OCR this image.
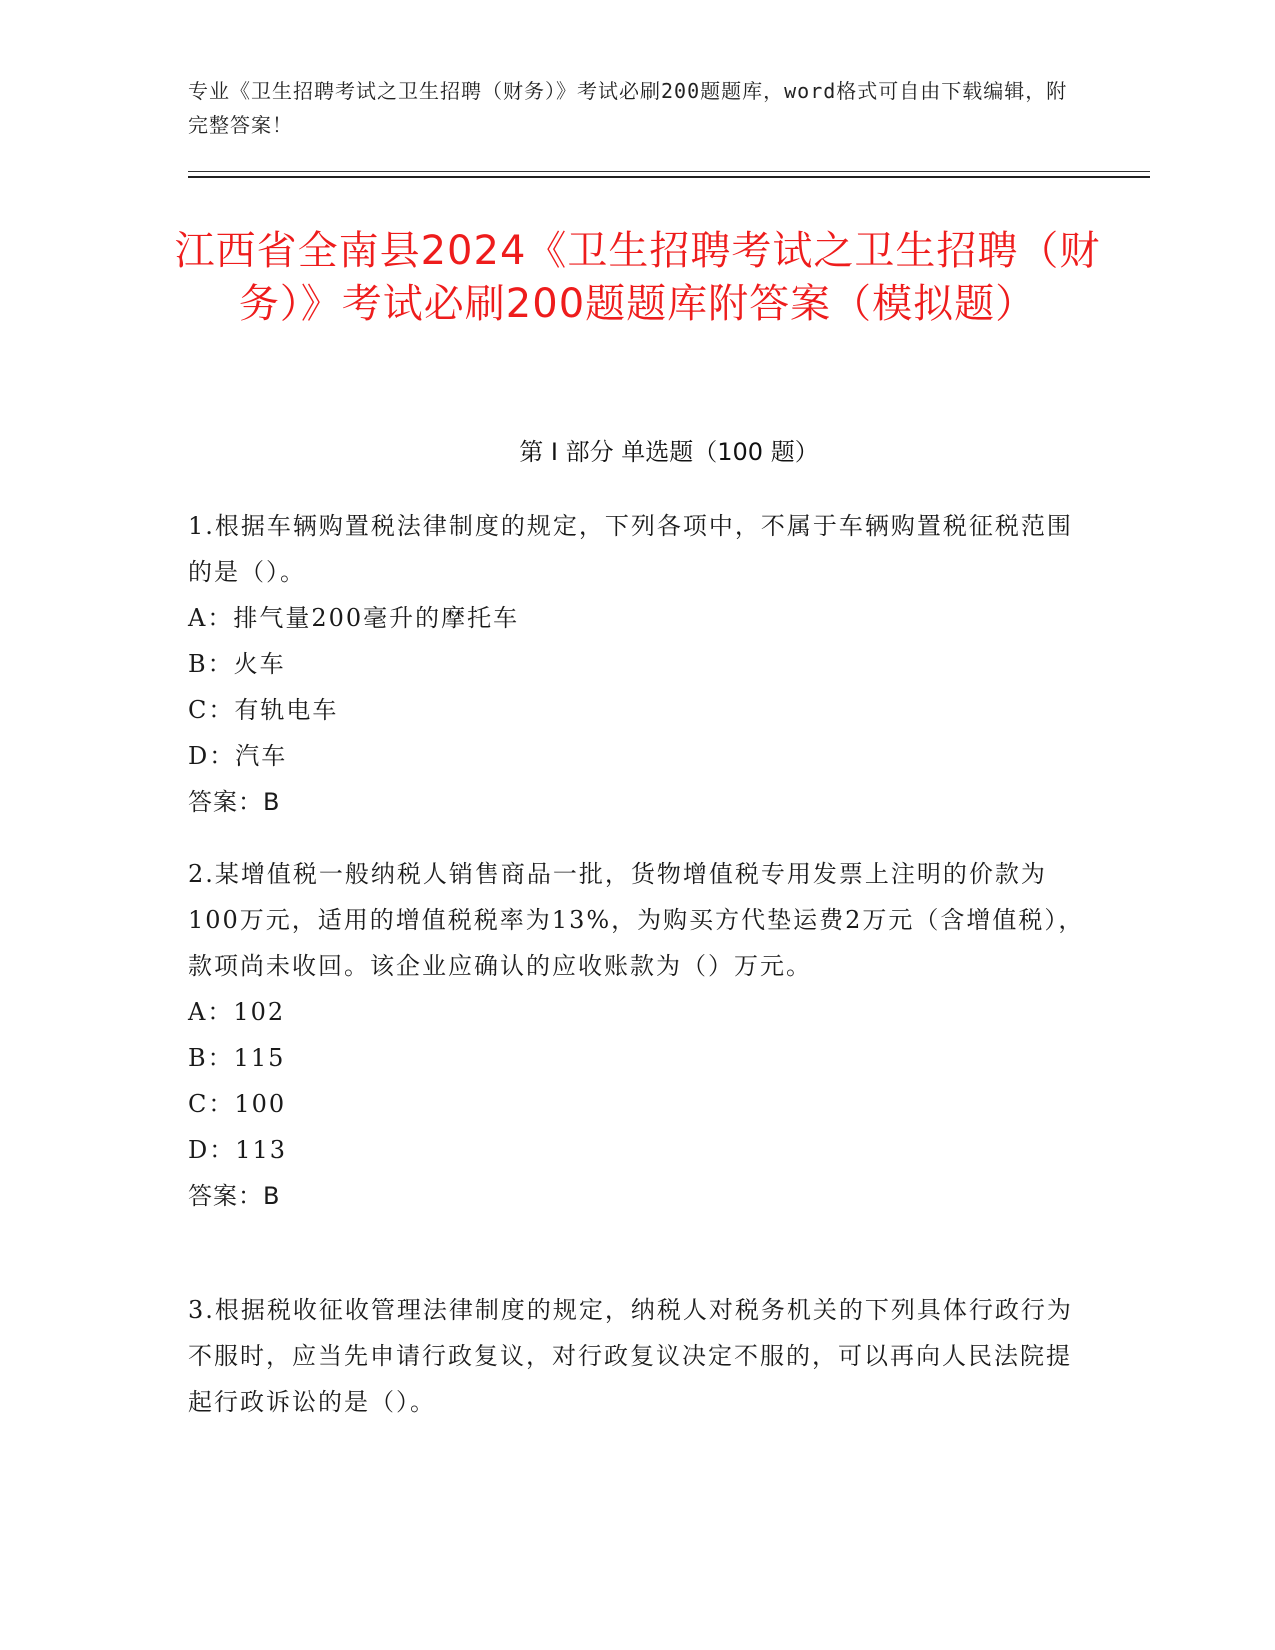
专业《卫生招聘考试之卫生招聘（财务）》考试必刷200题题库，word格式可自由下载编辑，附完整答案！
江西省全南县2024《卫生招聘考试之卫生招聘（财务）》考试必刷200题题库附答案（模拟题）
第 I 部分 单选题（100 题）

1.根据车辆购置税法律制度的规定，下列各项中，不属于车辆购置税征税范围的是（）。

A：排气量200毫升的摩托车

B：火车

C：有轨电车

D：汽车

答案：B

2.某增值税一般纳税人销售商品一批，货物增值税专用发票上注明的价款为100万元，适用的增值税税率为13%，为购买方代垫运费2万元（含增值税），款项尚未收回。该企业应确认的应收账款为（）万元。

A：102

B：115

C：100

D：113

答案：B

3.根据税收征收管理法律制度的规定，纳税人对税务机关的下列具体行政行为不服时，应当先申请行政复议，对行政复议决定不服的，可以再向人民法院提起行政诉讼的是（）。
